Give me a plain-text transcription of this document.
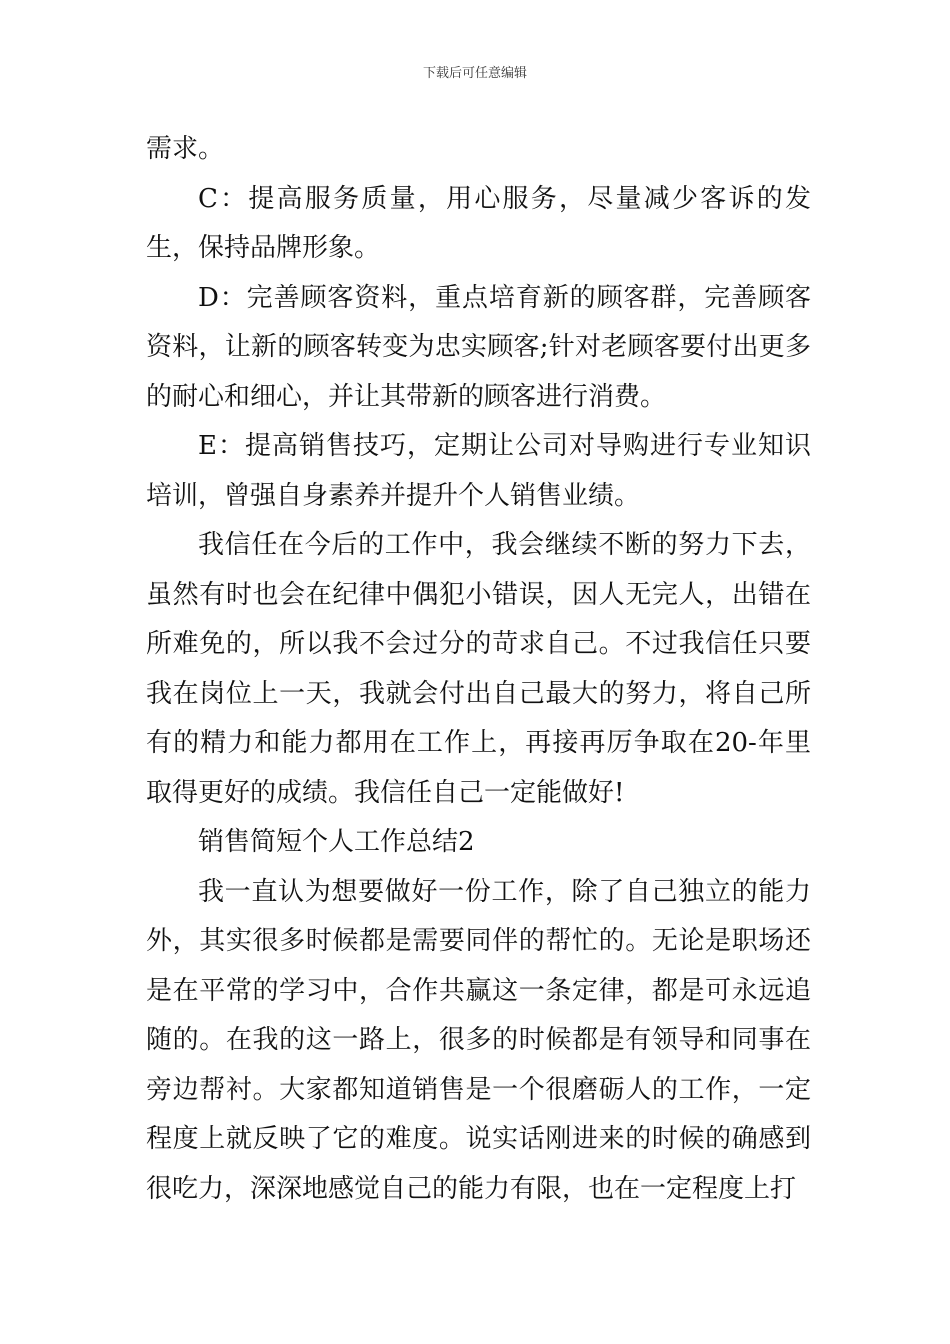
下载后可任意编辑

需求。

C：提高服务质量，用心服务，尽量减少客诉的发生，保持品牌形象。

D：完善顾客资料，重点培育新的顾客群，完善顾客资料，让新的顾客转变为忠实顾客;针对老顾客要付出更多的耐心和细心，并让其带新的顾客进行消费。

E：提高销售技巧，定期让公司对导购进行专业知识培训，曾强自身素养并提升个人销售业绩。

我信任在今后的工作中，我会继续不断的努力下去，虽然有时也会在纪律中偶犯小错误，因人无完人，出错在所难免的，所以我不会过分的苛求自己。不过我信任只要我在岗位上一天，我就会付出自己最大的努力，将自己所有的精力和能力都用在工作上，再接再厉争取在20-年里取得更好的成绩。我信任自己一定能做好!

销售简短个人工作总结2

我一直认为想要做好一份工作，除了自己独立的能力外，其实很多时候都是需要同伴的帮忙的。无论是职场还是在平常的学习中，合作共赢这一条定律，都是可永远追随的。在我的这一路上，很多的时候都是有领导和同事在旁边帮衬。大家都知道销售是一个很磨砺人的工作，一定程度上就反映了它的难度。说实话刚进来的时候的确感到很吃力，深深地感觉自己的能力有限，也在一定程度上打
